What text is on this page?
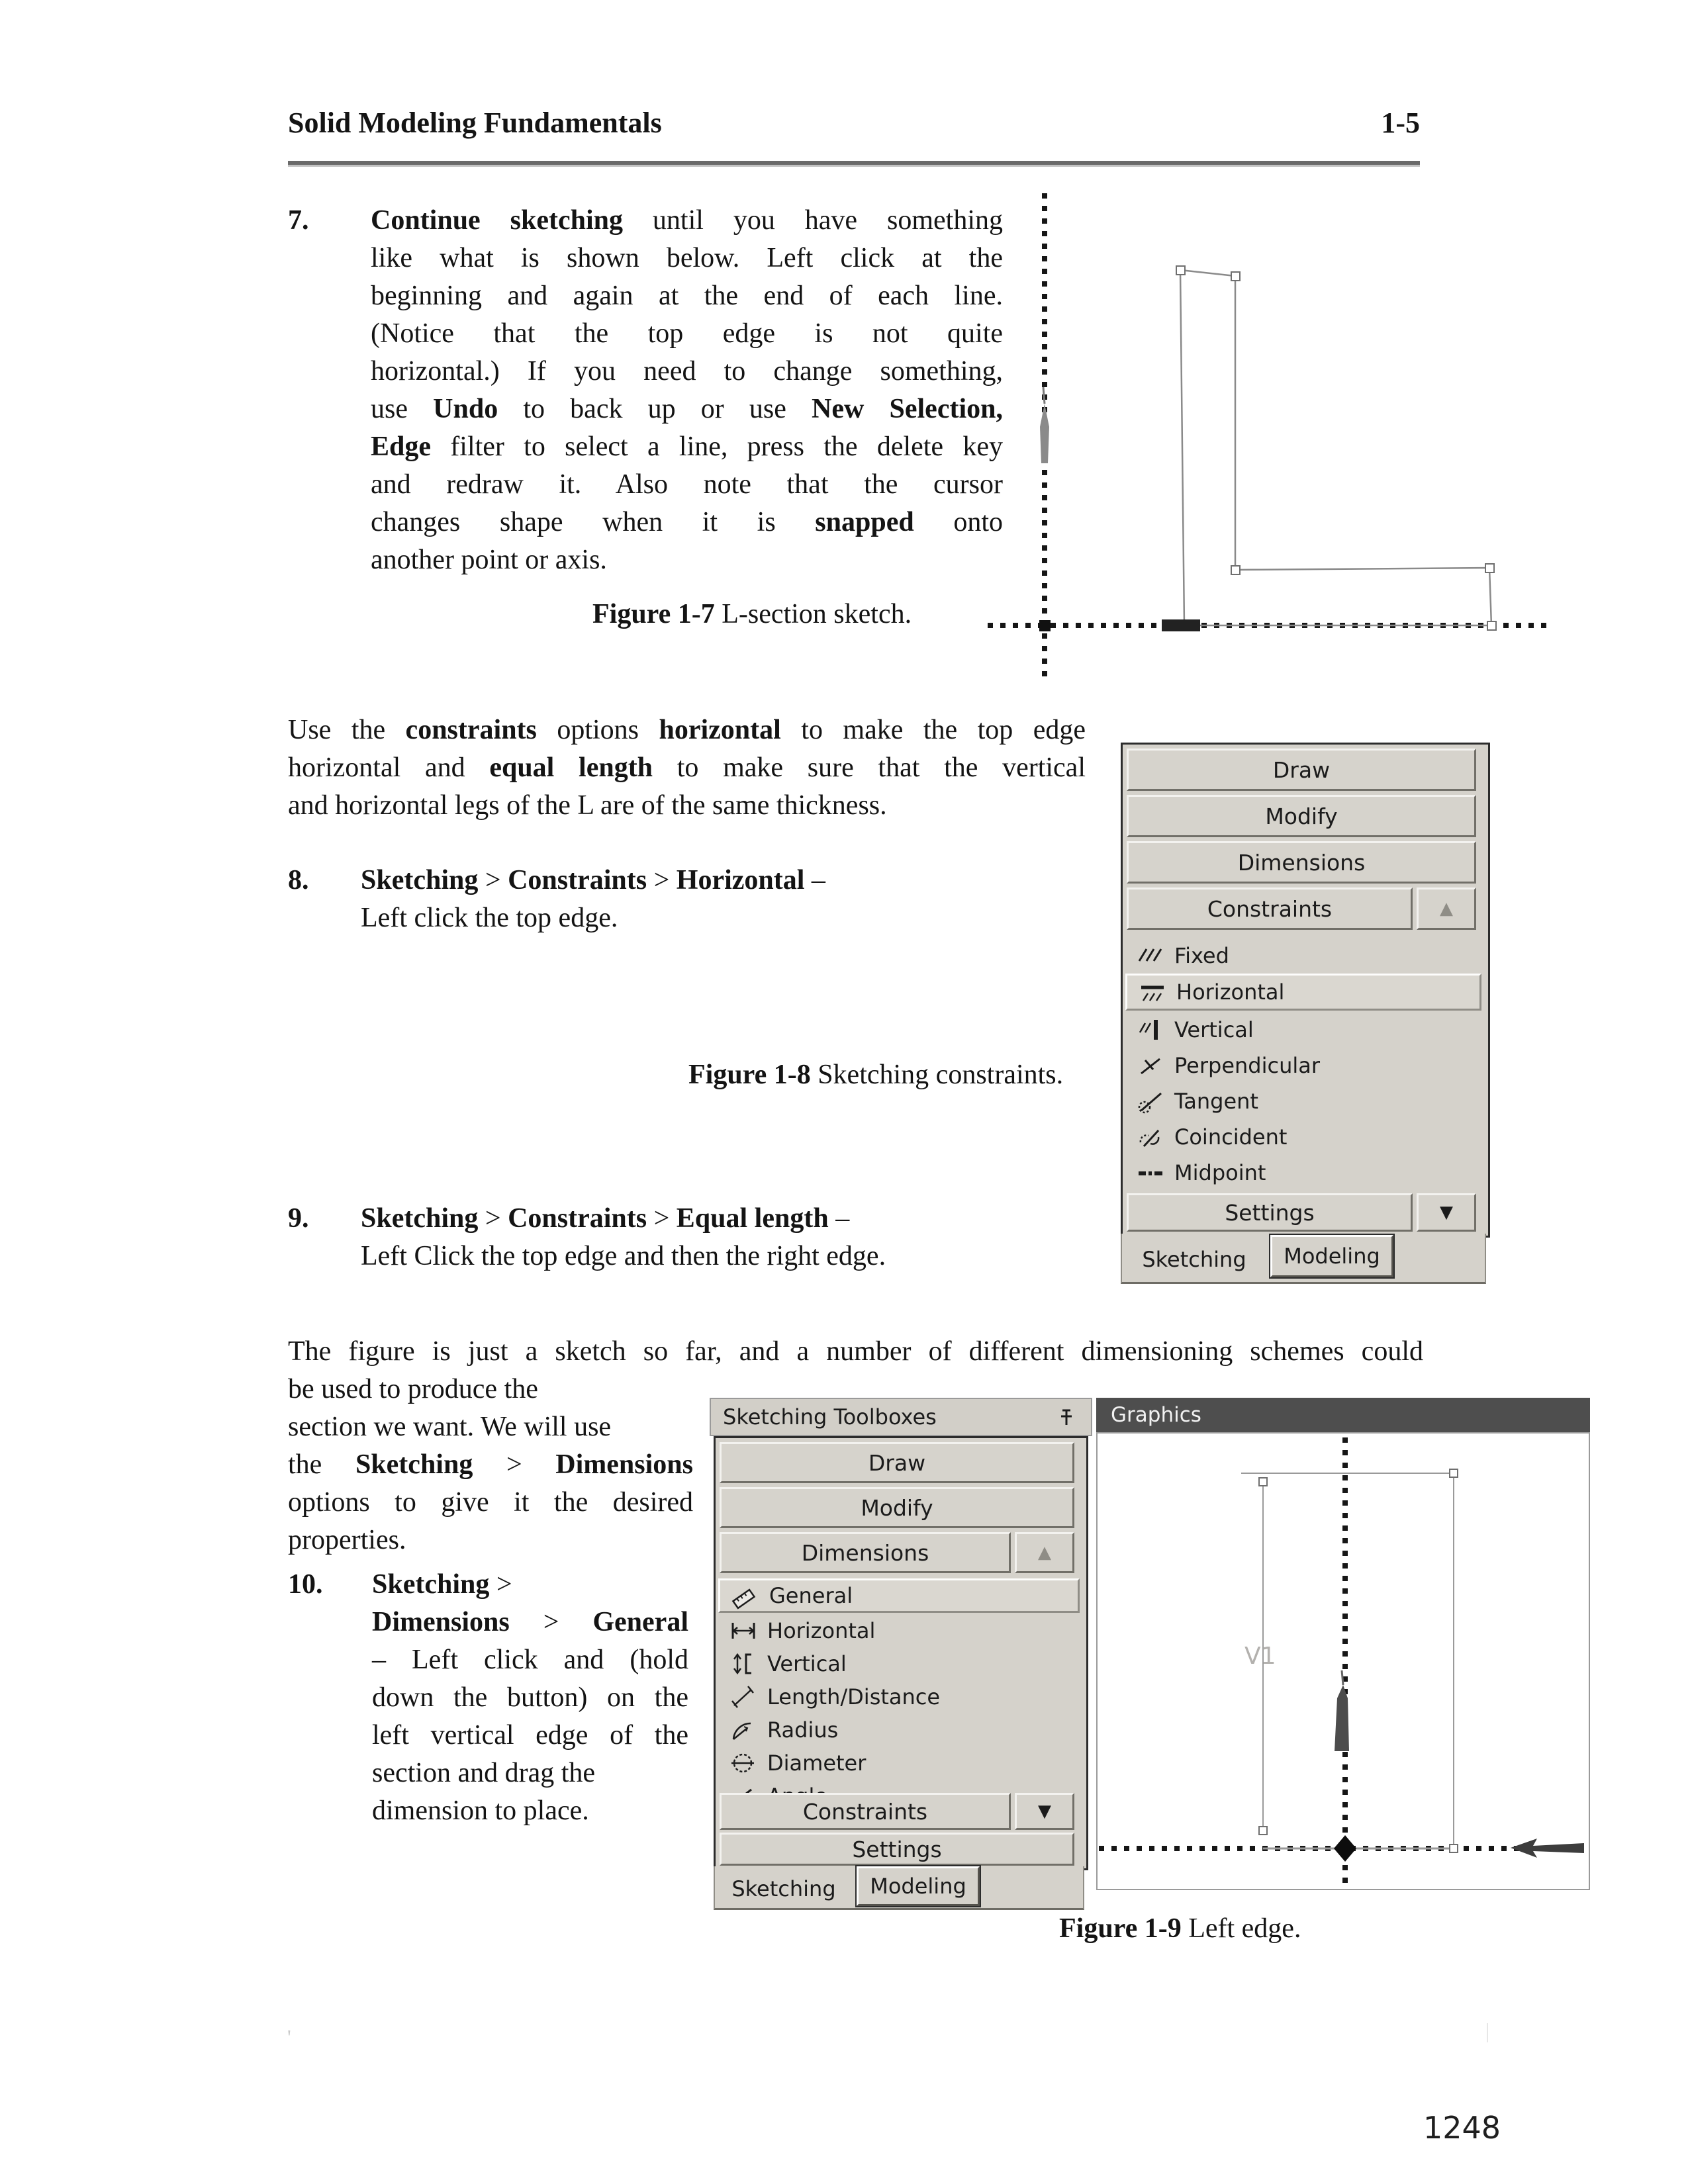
Solid Modeling Fundamentals	1-5
7. Continue sketching until you have something
like what is shown below. Left click at the
beginning and again at the end of each line.
(Notice that the top edge is not quite
horizontal.) If you need to change something,
use Undo to back up or use New Selection,
Edge filter to select a line, press the delete key
and redraw it. Also note that the cursor
changes shape when it is snapped onto
another point or axis.
Figure 1-7 L-section sketch.
Use the constraints options horizontal to make the top edge
horizontal and equal length to make sure that the vertical
and horizontal legs of the L are of the same thickness.
8. Sketching > Constraints > Horizontal –
Left click the top edge.
Draw
Modify
Dimensions
Constraints	▲
Fixed
Horizontal
Vertical
Perpendicular
Tangent
Coincident
Midpoint
Settings	▼
Sketching	Modeling
Figure 1-8 Sketching constraints.
9. Sketching > Constraints > Equal length –
Left Click the top edge and then the right edge.
The figure is just a sketch so far, and a number of different dimensioning schemes could
be used to produce the
section we want. We will use
the Sketching > Dimensions
options to give it the desired
properties.
10. Sketching >
Dimensions > General
– Left click and (hold
down the button) on the
left vertical edge of the
section and drag the
dimension to place.
Sketching Toolboxes
Draw
Modify
Dimensions	▲
General
Horizontal
Vertical
Length/Distance
Radius
Diameter
Constraints	▼
Settings
Sketching	Modeling
Graphics
V1
Figure 1-9 Left edge.
'	|
1248
